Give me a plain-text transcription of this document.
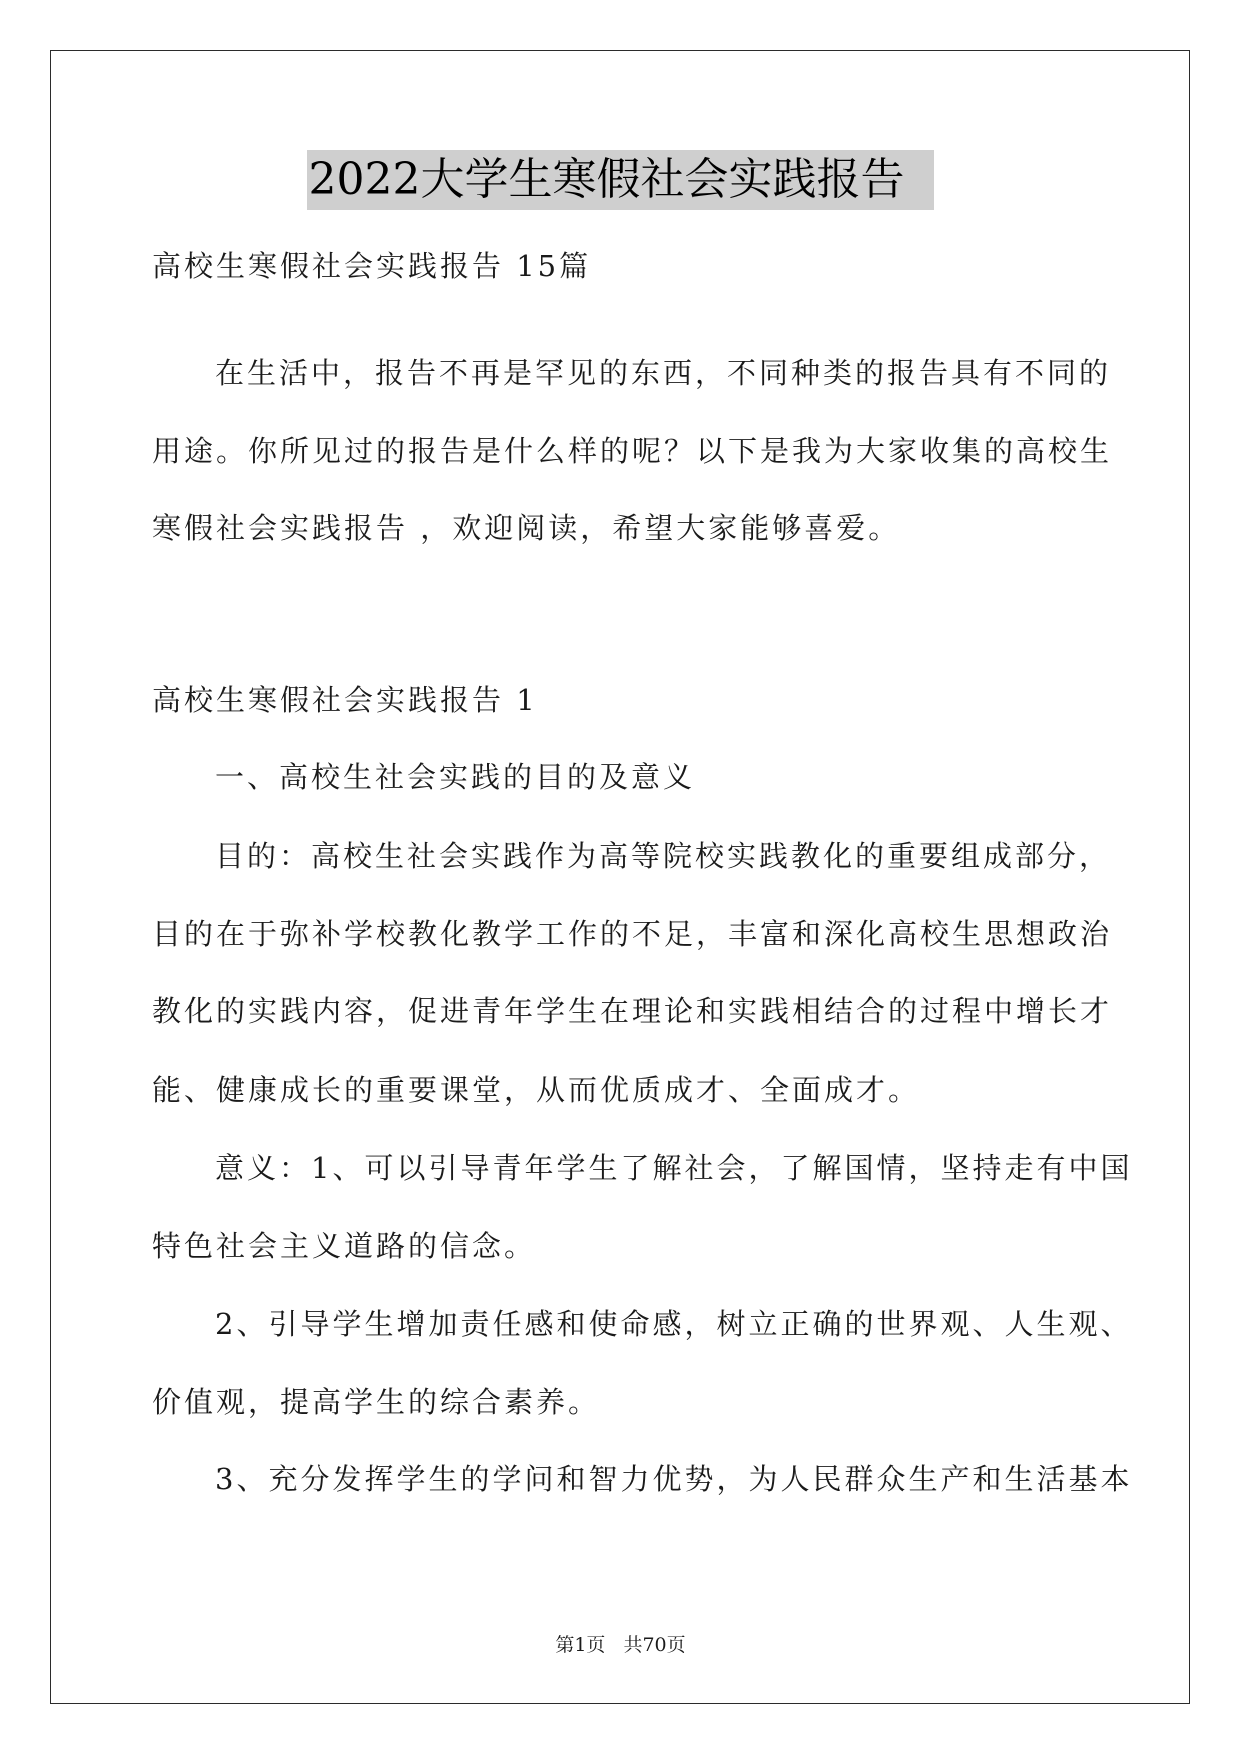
2022大学生寒假社会实践报告
高校生寒假社会实践报告 15篇
在生活中，报告不再是罕见的东西，不同种类的报告具有不同的
用途。你所见过的报告是什么样的呢？以下是我为大家收集的高校生
寒假社会实践报告 ，欢迎阅读，希望大家能够喜爱。
高校生寒假社会实践报告 1
一、高校生社会实践的目的及意义
目的：高校生社会实践作为高等院校实践教化的重要组成部分，
目的在于弥补学校教化教学工作的不足，丰富和深化高校生思想政治
教化的实践内容，促进青年学生在理论和实践相结合的过程中增长才
能、健康成长的重要课堂，从而优质成才、全面成才。
意义：1、可以引导青年学生了解社会，了解国情，坚持走有中国
特色社会主义道路的信念。
2、引导学生增加责任感和使命感，树立正确的世界观、人生观、
价值观，提高学生的综合素养。
3、充分发挥学生的学问和智力优势，为人民群众生产和生活基本
第1页 共70页
